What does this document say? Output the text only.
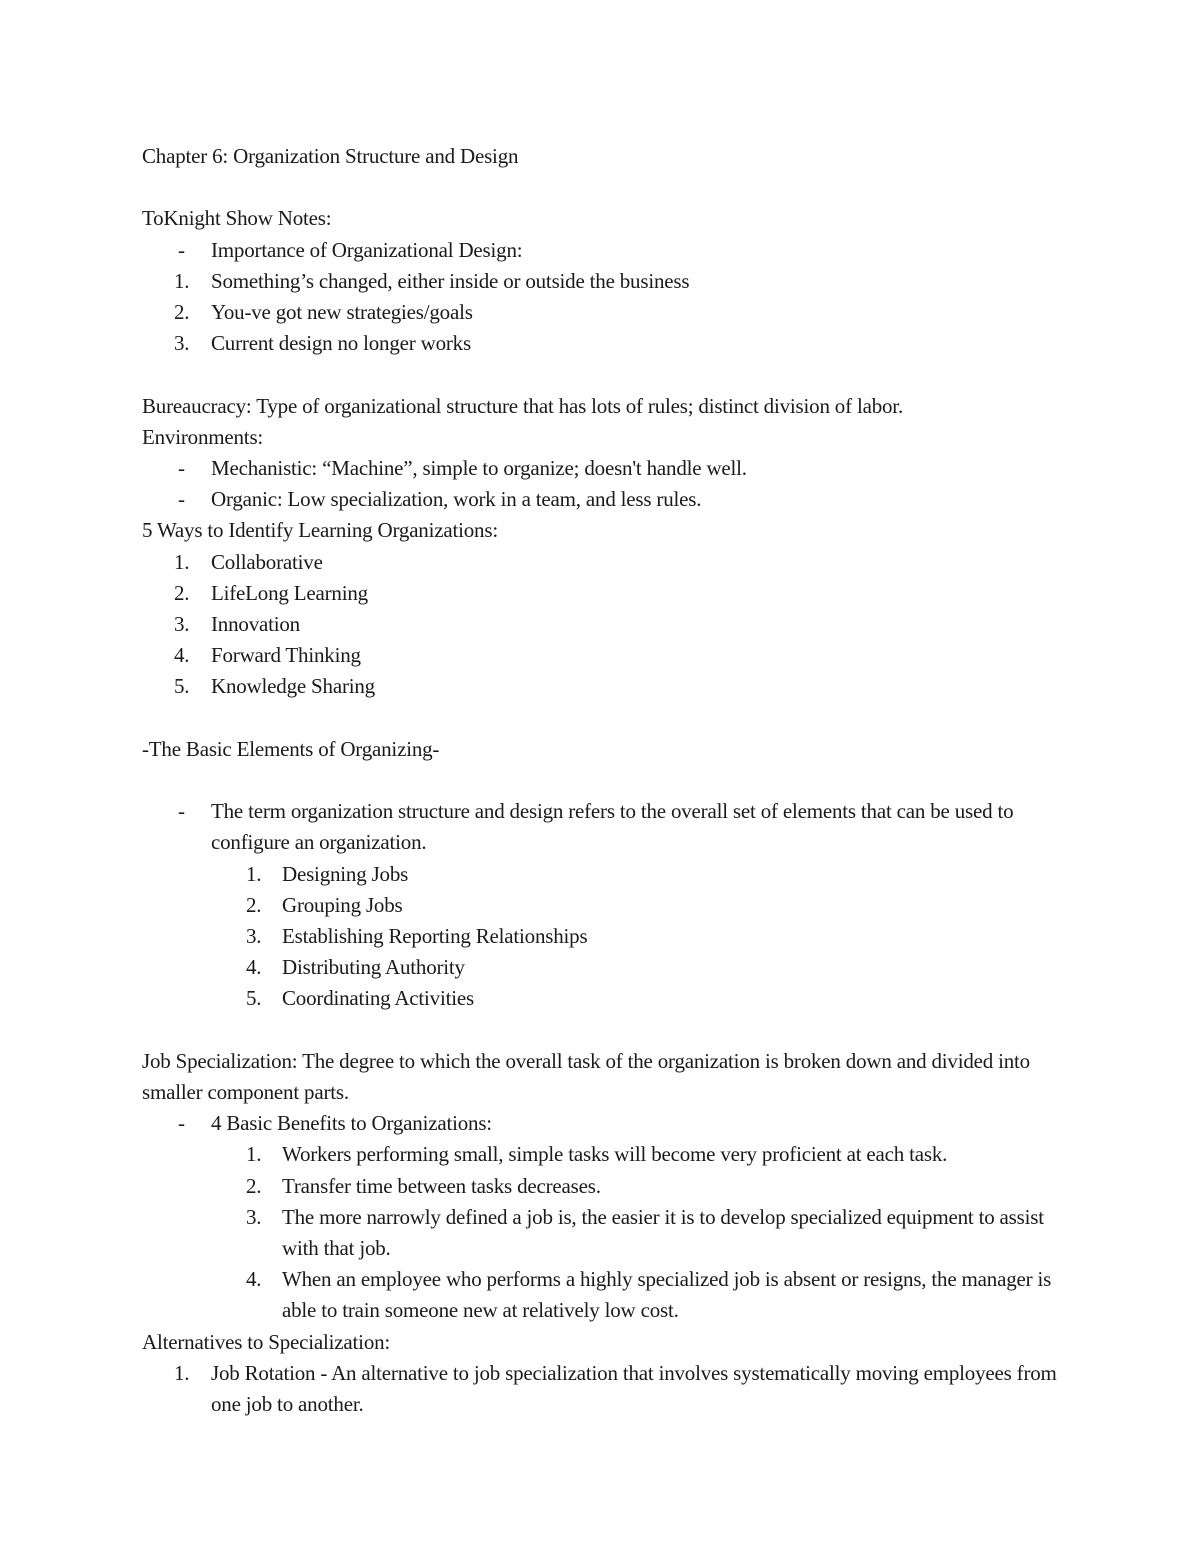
Chapter 6: Organization Structure and Design
ToKnight Show Notes:
- Importance of Organizational Design:
1. Something’s changed, either inside or outside the business
2. You-ve got new strategies/goals
3. Current design no longer works
Bureaucracy: Type of organizational structure that has lots of rules; distinct division of labor.
Environments:
- Mechanistic: “Machine”, simple to organize; doesn't handle well.
- Organic: Low specialization, work in a team, and less rules.
5 Ways to Identify Learning Organizations:
1. Collaborative
2. LifeLong Learning
3. Innovation
4. Forward Thinking
5. Knowledge Sharing
-The Basic Elements of Organizing-
- The term organization structure and design refers to the overall set of elements that can be used to configure an organization.
1. Designing Jobs
2. Grouping Jobs
3. Establishing Reporting Relationships
4. Distributing Authority
5. Coordinating Activities
Job Specialization: The degree to which the overall task of the organization is broken down and divided into smaller component parts.
- 4 Basic Benefits to Organizations:
1. Workers performing small, simple tasks will become very proficient at each task.
2. Transfer time between tasks decreases.
3. The more narrowly defined a job is, the easier it is to develop specialized equipment to assist with that job.
4. When an employee who performs a highly specialized job is absent or resigns, the manager is able to train someone new at relatively low cost.
Alternatives to Specialization:
1. Job Rotation - An alternative to job specialization that involves systematically moving employees from one job to another.
